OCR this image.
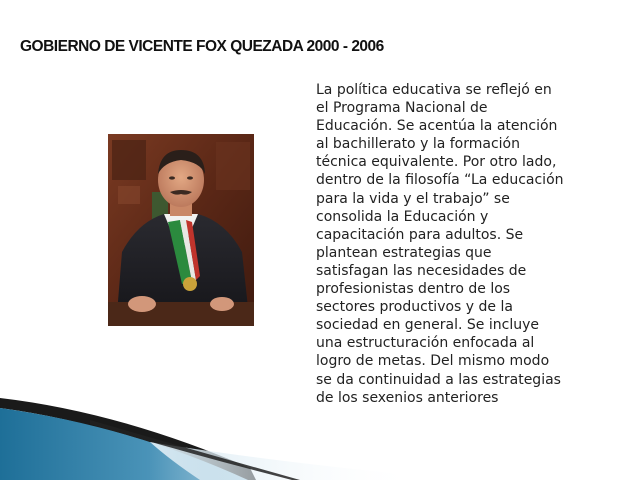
GOBIERNO DE VICENTE FOX QUEZADA 2000 - 2006
La política educativa se reflejó en
el Programa Nacional de
Educación. Se acentúa la atención
al bachillerato y la formación
técnica equivalente. Por otro lado,
dentro de la filosofía “La educación
para la vida y el trabajo” se
consolida la Educación y
capacitación para adultos. Se
plantean estrategias que
satisfagan las necesidades de
profesionistas dentro de los
sectores productivos y de la
sociedad en general. Se incluye
una estructuración enfocada al
logro de metas. Del mismo modo
se da continuidad a las estrategias
de los sexenios anteriores
